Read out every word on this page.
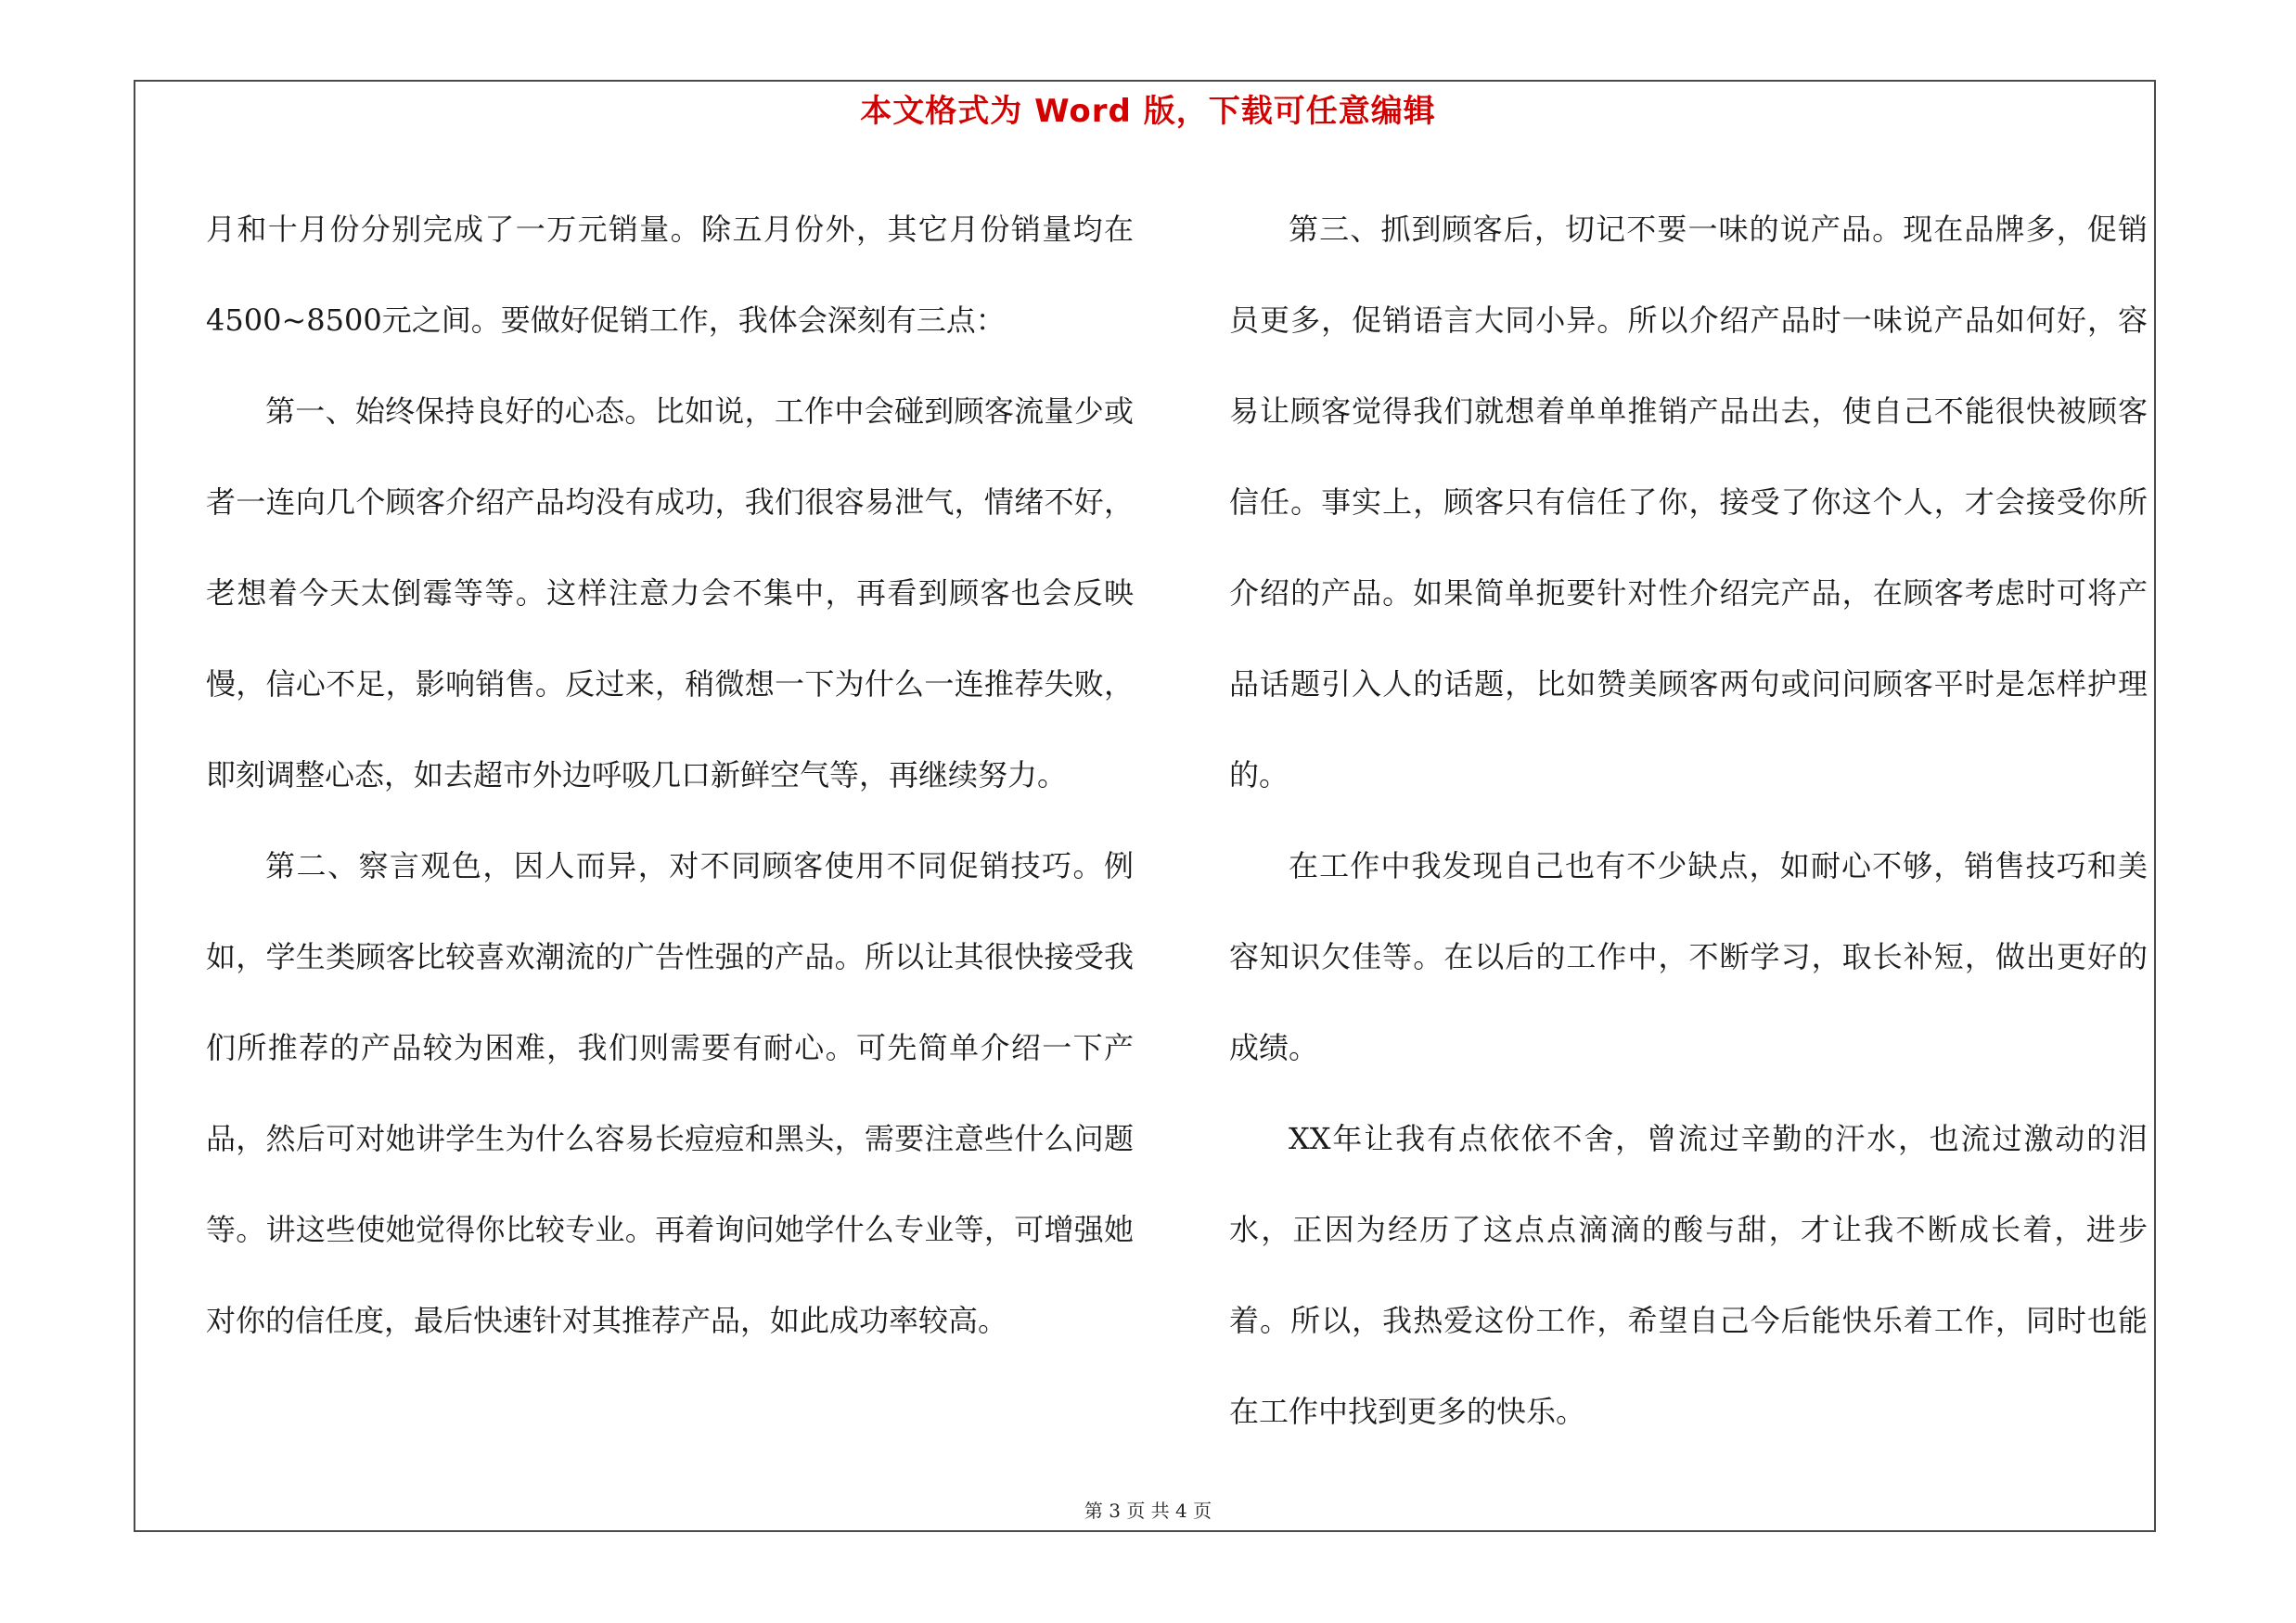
本文格式为 Word 版，下载可任意编辑

月和十月份分别完成了一万元销量。除五月份外，其它月份销量均在4500~8500元之间。要做好促销工作，我体会深刻有三点：

第一、始终保持良好的心态。比如说，工作中会碰到顾客流量少或者一连向几个顾客介绍产品均没有成功，我们很容易泄气，情绪不好，老想着今天太倒霉等等。这样注意力会不集中，再看到顾客也会反映慢，信心不足，影响销售。反过来，稍微想一下为什么一连推荐失败，即刻调整心态，如去超市外边呼吸几口新鲜空气等，再继续努力。

第二、察言观色，因人而异，对不同顾客使用不同促销技巧。例如，学生类顾客比较喜欢潮流的广告性强的产品。所以让其很快接受我们所推荐的产品较为困难，我们则需要有耐心。可先简单介绍一下产品，然后可对她讲学生为什么容易长痘痘和黑头，需要注意些什么问题等。讲这些使她觉得你比较专业。再着询问她学什么专业等，可增强她对你的信任度，最后快速针对其推荐产品，如此成功率较高。

第三、抓到顾客后，切记不要一味的说产品。现在品牌多，促销员更多，促销语言大同小异。所以介绍产品时一味说产品如何好，容易让顾客觉得我们就想着单单推销产品出去，使自己不能很快被顾客信任。事实上，顾客只有信任了你，接受了你这个人，才会接受你所介绍的产品。如果简单扼要针对性介绍完产品，在顾客考虑时可将产品话题引入人的话题，比如赞美顾客两句或问问顾客平时是怎样护理的。

在工作中我发现自己也有不少缺点，如耐心不够，销售技巧和美容知识欠佳等。在以后的工作中，不断学习，取长补短，做出更好的成绩。

XX年让我有点依依不舍，曾流过辛勤的汗水，也流过激动的泪水，正因为经历了这点点滴滴的酸与甜，才让我不断成长着，进步着。所以，我热爱这份工作，希望自己今后能快乐着工作，同时也能在工作中找到更多的快乐。

第 3 页 共 4 页
